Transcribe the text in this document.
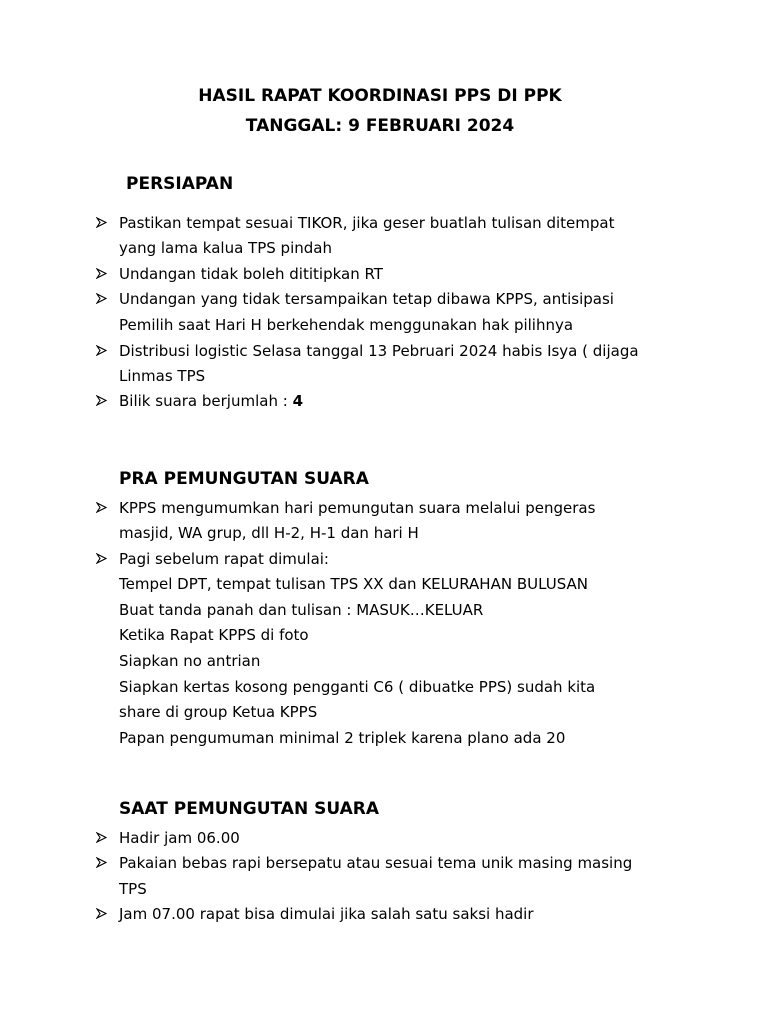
HASIL RAPAT KOORDINASI PPS DI PPK
TANGGAL: 9 FEBRUARI 2024
PERSIAPAN
Pastikan tempat sesuai TIKOR, jika geser buatlah tulisan ditempat
yang lama kalua TPS pindah
Undangan tidak boleh dititipkan RT
Undangan yang tidak tersampaikan tetap dibawa KPPS, antisipasi
Pemilih saat Hari H berkehendak menggunakan hak pilihnya
Distribusi logistic Selasa tanggal 13 Pebruari 2024 habis Isya ( dijaga
Linmas TPS
Bilik suara berjumlah : 4
PRA PEMUNGUTAN SUARA
KPPS mengumumkan hari pemungutan suara melalui pengeras
masjid, WA grup, dll H-2, H-1 dan hari H
Pagi sebelum rapat dimulai:
Tempel DPT, tempat tulisan TPS XX dan KELURAHAN BULUSAN
Buat tanda panah dan tulisan : MASUK…KELUAR
Ketika Rapat KPPS di foto
Siapkan no antrian
Siapkan kertas kosong pengganti C6 ( dibuatke PPS) sudah kita
share di group Ketua KPPS
Papan pengumuman minimal 2 triplek karena plano ada 20
SAAT PEMUNGUTAN SUARA
Hadir jam 06.00
Pakaian bebas rapi bersepatu atau sesuai tema unik masing masing
TPS
Jam 07.00 rapat bisa dimulai jika salah satu saksi hadir
